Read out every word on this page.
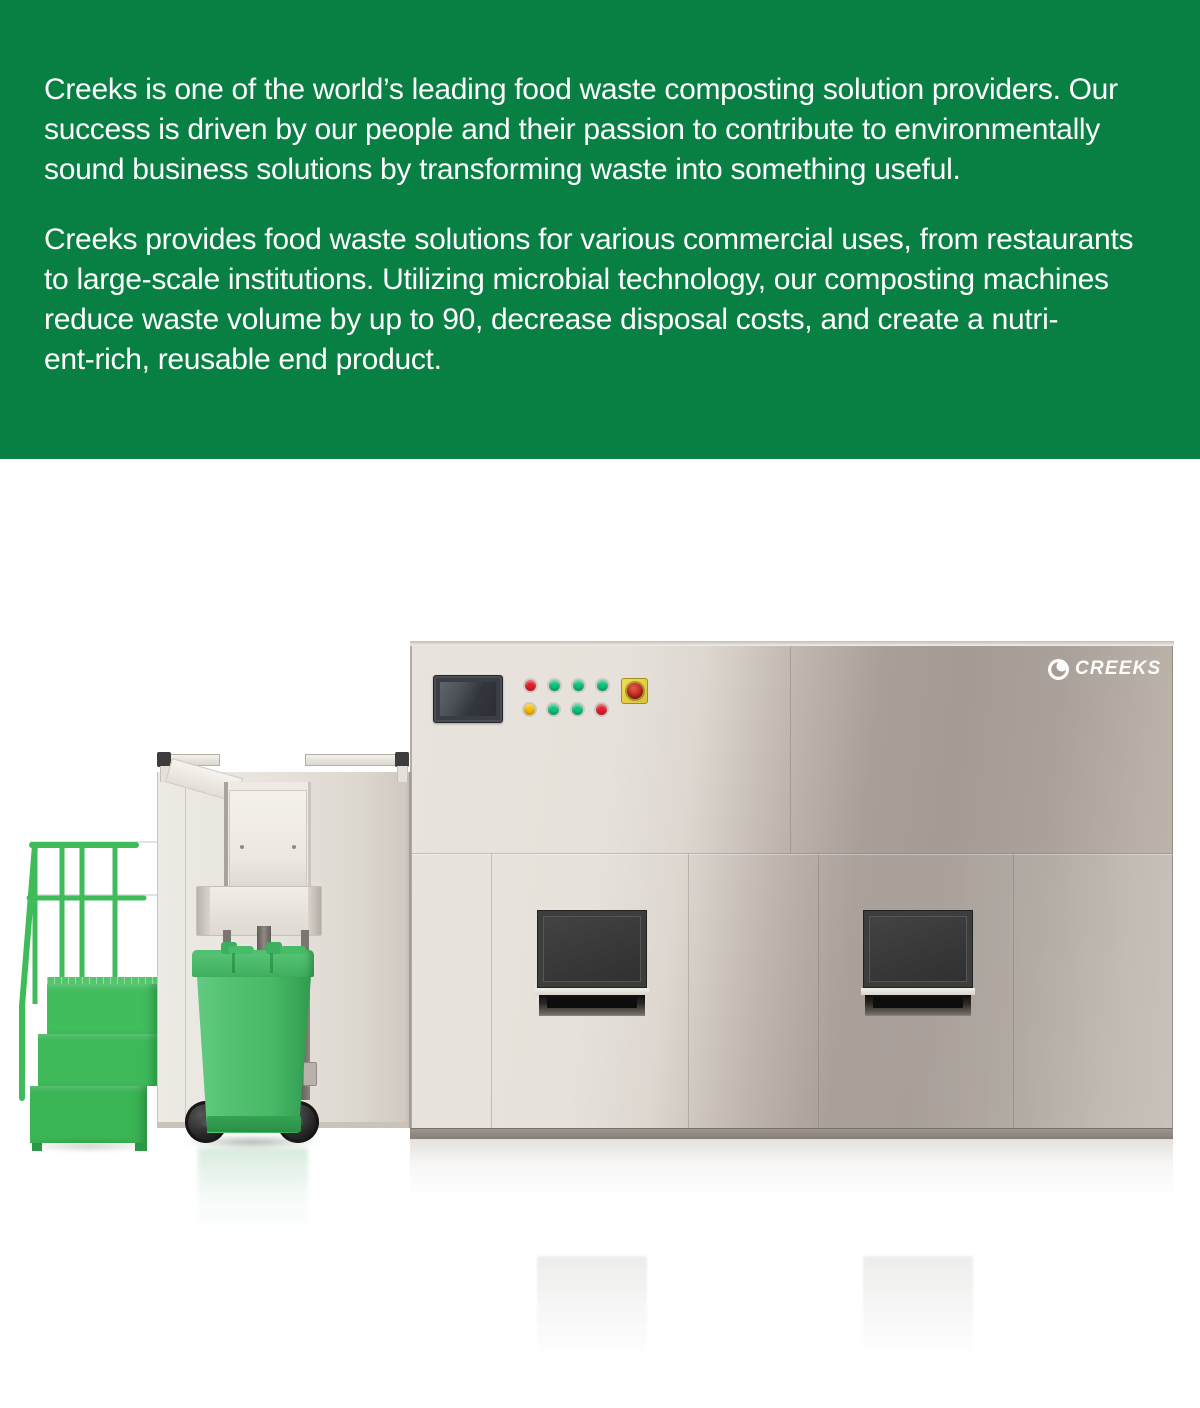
Creeks is one of the world’s leading food waste composting solution providers. Our
success is driven by our people and their passion to contribute to environmentally
sound business solutions by transforming waste into something useful.

Creeks provides food waste solutions for various commercial uses, from restaurants
to large-scale institutions. Utilizing microbial technology, our composting machines
reduce waste volume by up to 90, decrease disposal costs, and create a nutri-
ent-rich, reusable end product.

CREEKS
